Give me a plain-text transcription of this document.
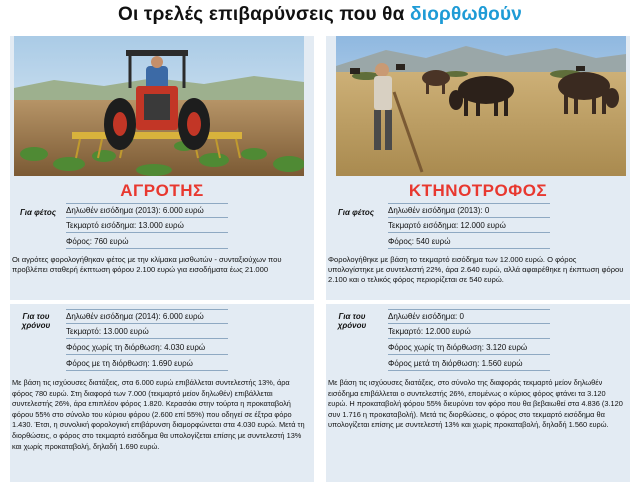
Οι τρελές επιβαρύνσεις που θα διορθωθούν
ΑΓΡΟΤΗΣ	ΚΤΗΝΟΤΡΟΦΟΣ
Για φέτος	Δηλωθέν εισόδημα (2013): 6.000 ευρώ
Τεκμαρτό εισόδημα: 13.000 ευρώ
Φόρος: 760 ευρώ
Οι αγρότες φορολογήθηκαν φέτος με την κλίμακα μισθωτών - συνταξιούχων που προβλέπει σταθερή έκπτωση φόρου 2.100 ευρώ για εισοδήματα έως 21.000
Για φέτος	Δηλωθέν εισόδημα (2013): 0
Τεκμαρτό εισόδημα: 12.000 ευρώ
Φόρος: 540 ευρώ
Φορολογήθηκε με βάση το τεκμαρτό εισόδημα των 12.000 ευρώ. Ο φόρος υπολογίστηκε με συντελεστή 22%, άρα 2.640 ευρώ, αλλά αφαιρέθηκε η έκπτωση φόρου 2.100 και ο τελικός φόρος περιορίζεται σε 540 ευρώ.
Για του χρόνου
Δηλωθέν εισόδημα (2014): 6.000 ευρώ
Τεκμαρτό: 13.000 ευρώ
Φόρος χωρίς τη διόρθωση: 4.030 ευρώ
Φόρος με τη διόρθωση: 1.690 ευρώ
Με βάση τις ισχύουσες διατάξεις, στα 6.000 ευρώ επιβάλλεται συντελεστής 13%, άρα φόρος 780 ευρώ. Στη διαφορά των 7.000 (τεκμαρτό μείον δηλωθέν) επιβάλλεται συντελεστής 26%, άρα επιπλέον φόρος 1.820. Κερασάκι στην τούρτα η προκαταβολή φόρου 55% στο σύνολο του κύριου φόρου (2.600 επί 55%) που οδηγεί σε έξτρα φόρο 1.430. Έτσι, η συνολική φορολογική επιβάρυνση διαμορφώνεται στα 4.030 ευρώ. Μετά τη διορθώσεις, ο φόρος στο τεκμαρτό εισόδημα θα υπολογίζεται επίσης με συντελεστή 13% και χωρίς προκαταβολή, δηλαδή 1.690 ευρώ.
Για του χρόνου
Δηλωθέν εισόδημα: 0
Τεκμαρτό: 12.000 ευρώ
Φόρος χωρίς τη διόρθωση: 3.120 ευρώ
Φόρος μετά τη διόρθωση: 1.560 ευρώ
Με βάση τις ισχύουσες διατάξεις, στο σύνολο της διαφοράς τεκμαρτό μείον δηλωθέν εισόδημα επιβάλλεται ο συντελεστής 26%, επομένως ο κύριος φόρος φτάνει τα 3.120 ευρώ. Η προκαταβολή φόρου 55% διευρύνει τον φόρο που θα βεβαιωθεί στα 4.836 (3.120 συν 1.716 η προκαταβολή). Μετά τις διορθώσεις, ο φόρος στο τεκμαρτό εισόδημα θα υπολογίζεται επίσης με συντελεστή 13% και χωρίς προκαταβολή, δηλαδή 1.560 ευρώ.
